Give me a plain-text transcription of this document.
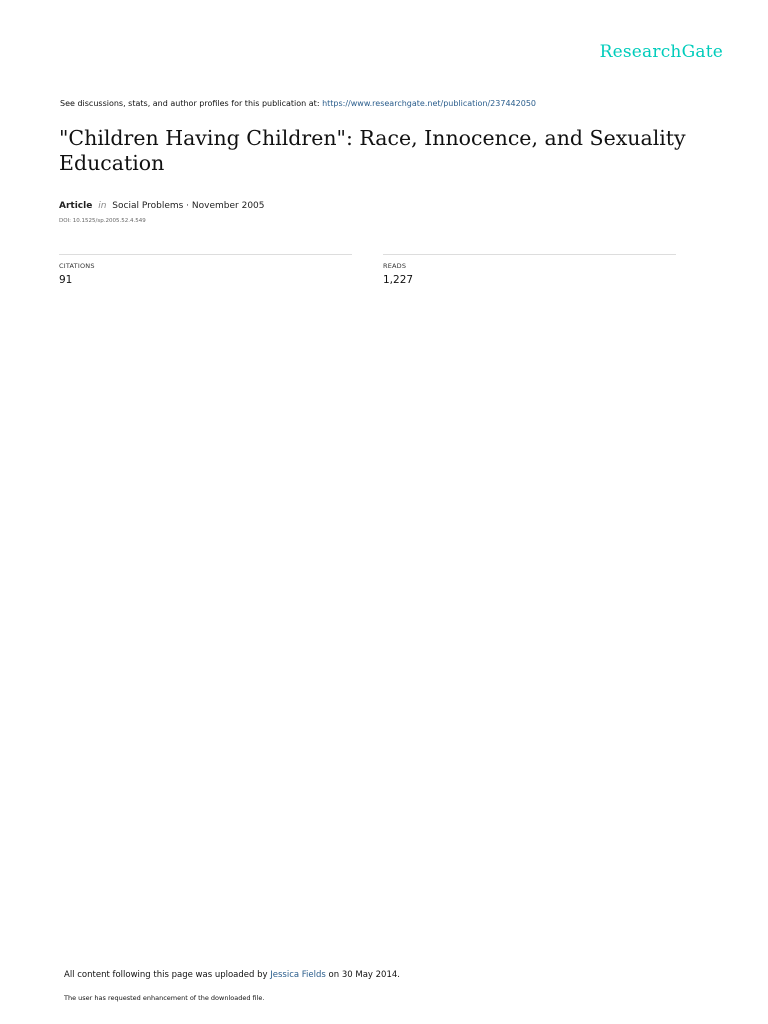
ResearchGate
See discussions, stats, and author profiles for this publication at: https://www.researchgate.net/publication/237442050
"Children Having Children": Race, Innocence, and Sexuality Education
Article in Social Problems · November 2005
DOI: 10.1525/sp.2005.52.4.549
CITATIONS
91
READS
1,227
All content following this page was uploaded by Jessica Fields on 30 May 2014.
The user has requested enhancement of the downloaded file.
